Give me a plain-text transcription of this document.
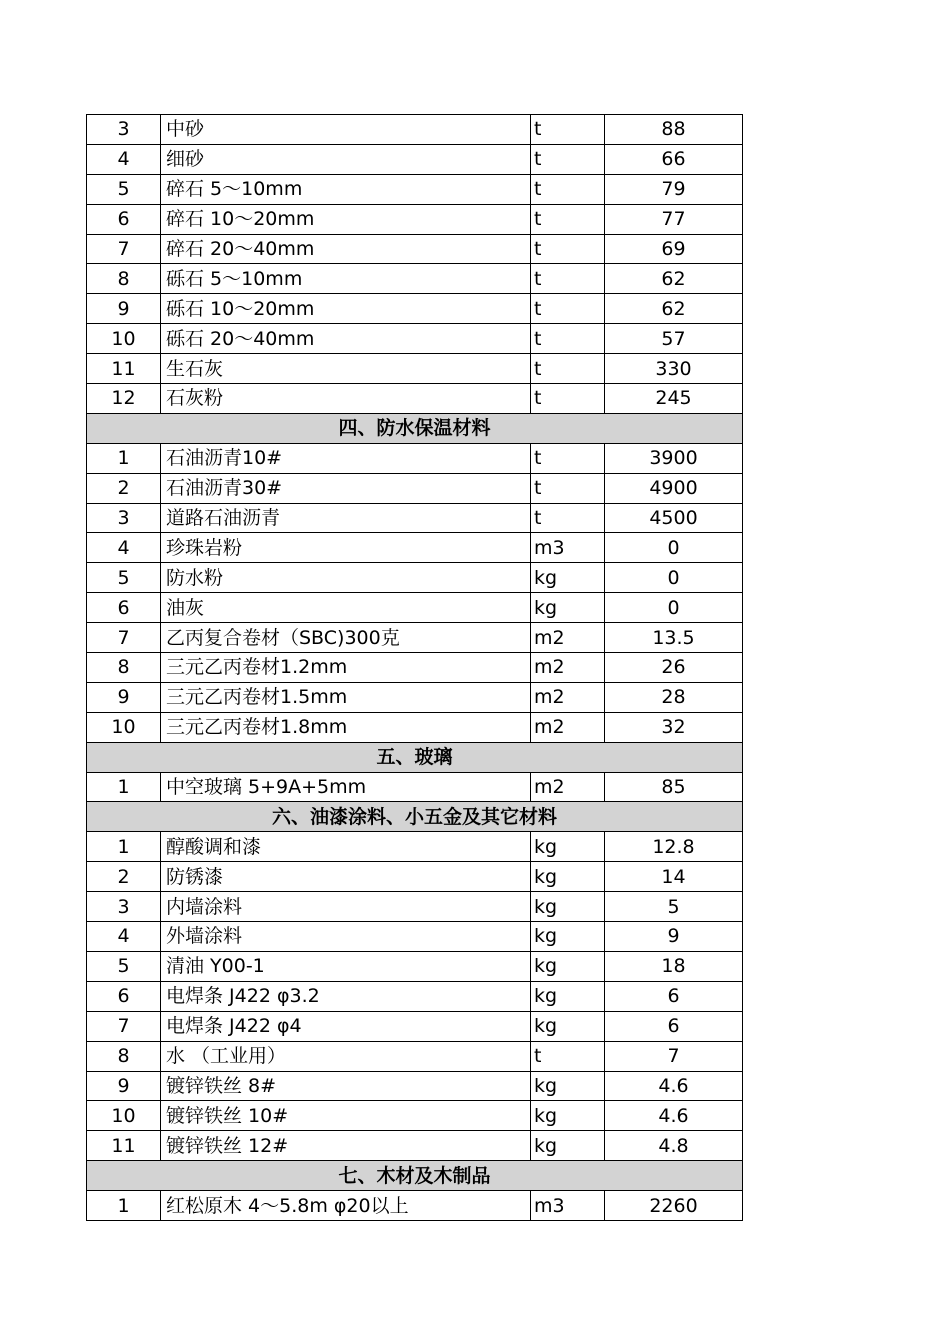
3	中砂	t	88
4	细砂	t	66
5	碎石 5～10mm	t	79
6	碎石 10～20mm	t	77
7	碎石 20～40mm	t	69
8	砾石 5～10mm	t	62
9	砾石 10～20mm	t	62
10	砾石 20～40mm	t	57
11	生石灰	t	330
12	石灰粉	t	245
四、防水保温材料			
1	石油沥青10#	t	3900
2	石油沥青30#	t	4900
3	道路石油沥青	t	4500
4	珍珠岩粉	m3	0
5	防水粉	kg	0
6	油灰	kg	0
7	乙丙复合卷材（SBC)300克	m2	13.5
8	三元乙丙卷材1.2mm	m2	26
9	三元乙丙卷材1.5mm	m2	28
10	三元乙丙卷材1.8mm	m2	32
五、玻璃			
1	中空玻璃 5+9A+5mm	m2	85
六、油漆涂料、小五金及其它材料			
1	醇酸调和漆	kg	12.8
2	防锈漆	kg	14
3	内墙涂料	kg	5
4	外墙涂料	kg	9
5	清油 Y00-1	kg	18
6	电焊条 J422 φ3.2	kg	6
7	电焊条 J422 φ4	kg	6
8	水 （工业用）	t	7
9	镀锌铁丝 8#	kg	4.6
10	镀锌铁丝 10#	kg	4.6
11	镀锌铁丝 12#	kg	4.8
七、木材及木制品			
1	红松原木 4～5.8m φ20以上	m3	2260
